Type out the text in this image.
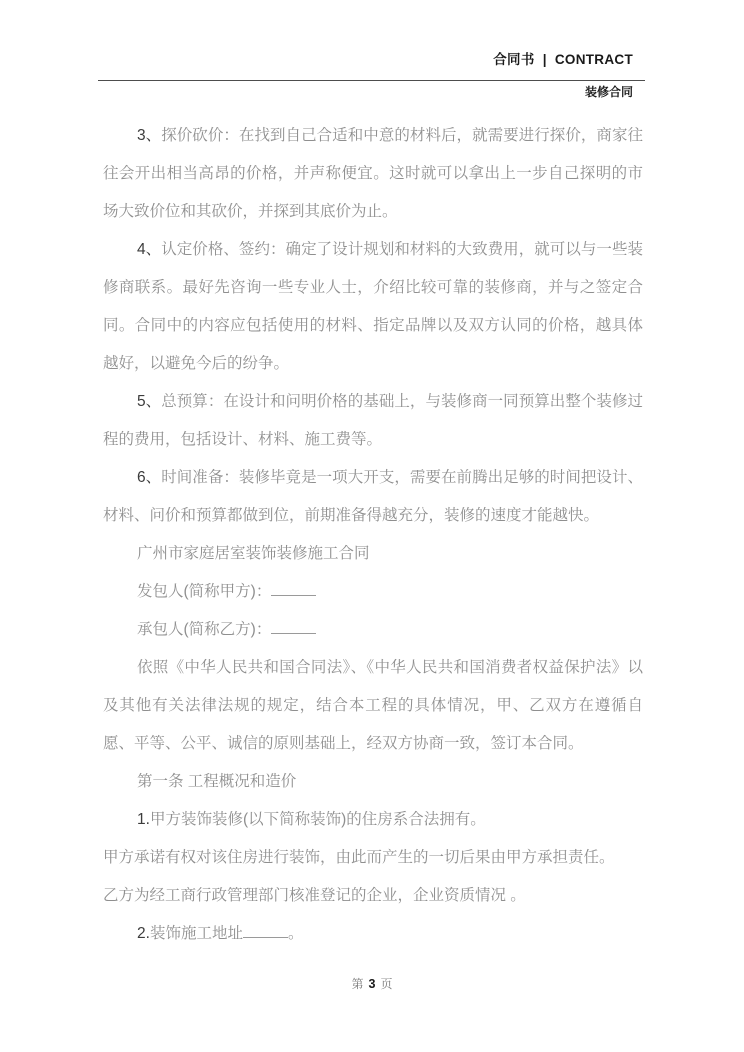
合同书 | CONTRACT
装修合同

3、探价砍价：在找到自己合适和中意的材料后，就需要进行探价，商家往往会开出相当高昂的价格，并声称便宜。这时就可以拿出上一步自己探明的市场大致价位和其砍价，并探到其底价为止。

4、认定价格、签约：确定了设计规划和材料的大致费用，就可以与一些装修商联系。最好先咨询一些专业人士，介绍比较可靠的装修商，并与之签定合同。合同中的内容应包括使用的材料、指定品牌以及双方认同的价格，越具体越好，以避免今后的纷争。

5、总预算：在设计和问明价格的基础上，与装修商一同预算出整个装修过程的费用，包括设计、材料、施工费等。

6、时间准备：装修毕竟是一项大开支，需要在前腾出足够的时间把设计、材料、问价和预算都做到位，前期准备得越充分，装修的速度才能越快。

广州市家庭居室装饰装修施工合同

发包人(简称甲方)：

承包人(简称乙方)：

依照《中华人民共和国合同法》、《中华人民共和国消费者权益保护法》以及其他有关法律法规的规定，结合本工程的具体情况，甲、乙双方在遵循自愿、平等、公平、诚信的原则基础上，经双方协商一致，签订本合同。

第一条 工程概况和造价

1.甲方装饰装修(以下简称装饰)的住房系合法拥有。

甲方承诺有权对该住房进行装饰，由此而产生的一切后果由甲方承担责任。

乙方为经工商行政管理部门核准登记的企业，企业资质情况 。

2.装饰施工地址	。

第 3 页
